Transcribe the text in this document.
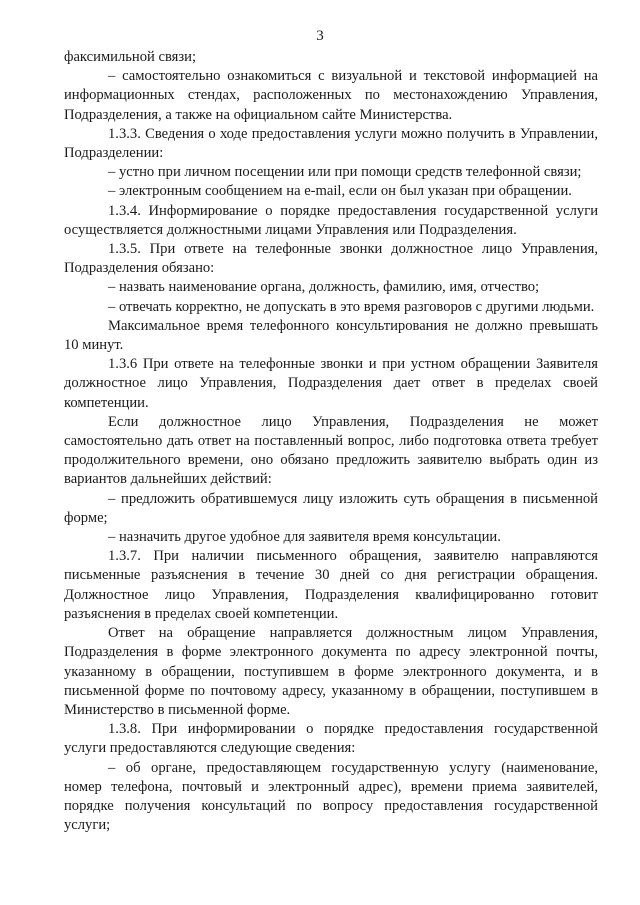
3

факсимильной связи;

– самостоятельно ознакомиться с визуальной и текстовой информацией на информационных стендах, расположенных по местонахождению Управления, Подразделения, а также на официальном сайте Министерства.

1.3.3. Сведения о ходе предоставления услуги можно получить в Управлении, Подразделении:

– устно при личном посещении или при помощи средств телефонной связи;

– электронным сообщением на e-mail, если он был указан при обращении.

1.3.4. Информирование о порядке предоставления государственной услуги осуществляется должностными лицами Управления или Подразделения.

1.3.5. При ответе на телефонные звонки должностное лицо Управления, Подразделения обязано:

– назвать наименование органа, должность, фамилию, имя, отчество;

– отвечать корректно, не допускать в это время разговоров с другими людьми.

Максимальное время телефонного консультирования не должно превышать 10 минут.

1.3.6 При ответе на телефонные звонки и при устном обращении Заявителя должностное лицо Управления, Подразделения дает ответ в пределах своей компетенции.

Если должностное лицо Управления, Подразделения не может самостоятельно дать ответ на поставленный вопрос, либо подготовка ответа требует продолжительного времени, оно обязано предложить заявителю выбрать один из вариантов дальнейших действий:

– предложить обратившемуся лицу изложить суть обращения в письменной форме;

– назначить другое удобное для заявителя время консультации.

1.3.7. При наличии письменного обращения, заявителю направляются письменные разъяснения в течение 30 дней со дня регистрации обращения. Должностное лицо Управления, Подразделения квалифицированно готовит разъяснения в пределах своей компетенции.

Ответ на обращение направляется должностным лицом Управления, Подразделения в форме электронного документа по адресу электронной почты, указанному в обращении, поступившем в форме электронного документа, и в письменной форме по почтовому адресу, указанному в обращении, поступившем в Министерство в письменной форме.

1.3.8. При информировании о порядке предоставления государственной услуги предоставляются следующие сведения:

– об органе, предоставляющем государственную услугу (наименование, номер телефона, почтовый и электронный адрес), времени приема заявителей, порядке получения консультаций по вопросу предоставления государственной услуги;
